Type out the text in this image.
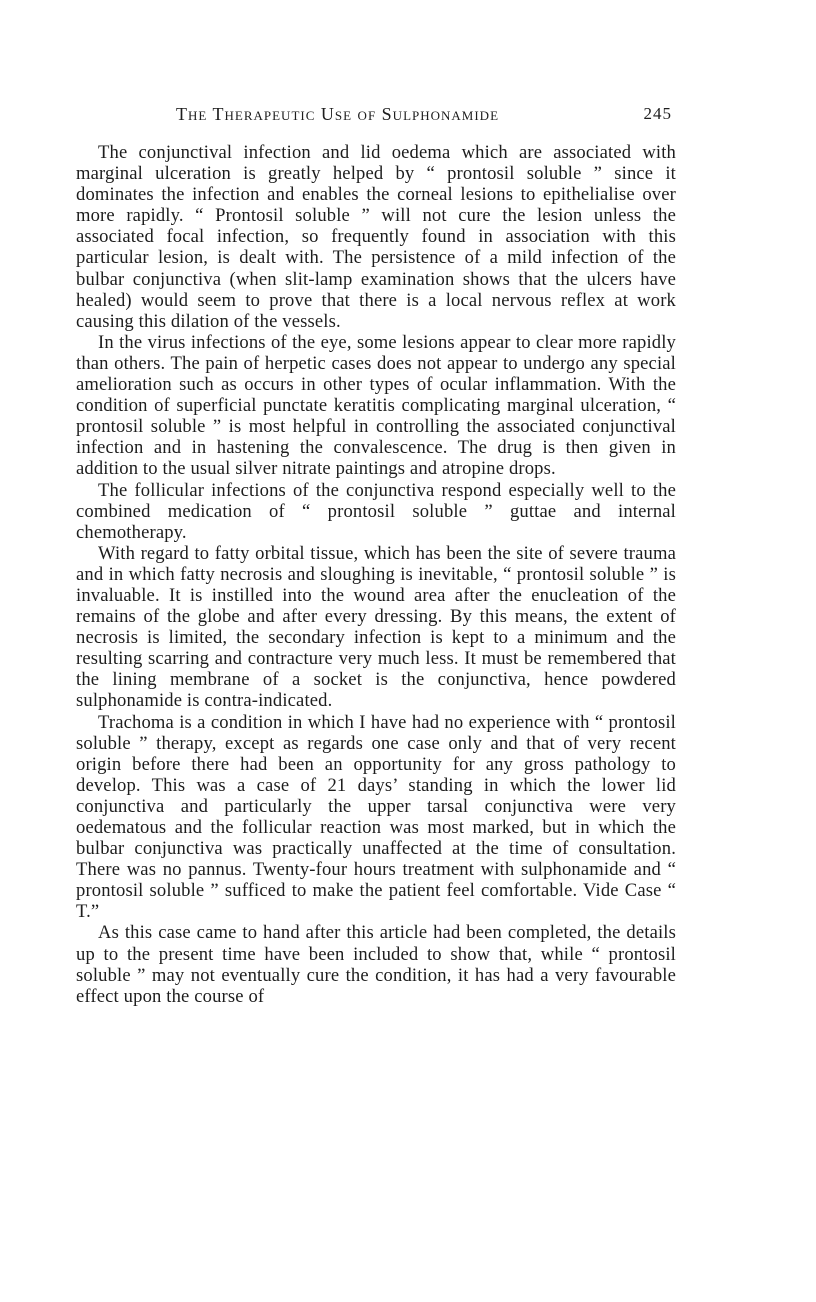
The Therapeutic Use of Sulphonamide	245

The conjunctival infection and lid oedema which are associated with marginal ulceration is greatly helped by “ prontosil soluble ” since it dominates the infection and enables the corneal lesions to epithelialise over more rapidly. “ Prontosil soluble ” will not cure the lesion unless the associated focal infection, so frequently found in association with this particular lesion, is dealt with. The persistence of a mild infection of the bulbar conjunctiva (when slit-lamp examination shows that the ulcers have healed) would seem to prove that there is a local nervous reflex at work causing this dilation of the vessels.

In the virus infections of the eye, some lesions appear to clear more rapidly than others. The pain of herpetic cases does not appear to undergo any special amelioration such as occurs in other types of ocular inflammation. With the condition of superficial punctate keratitis complicating marginal ulceration, “ prontosil soluble ” is most helpful in controlling the associated conjunctival infection and in hastening the convalescence. The drug is then given in addition to the usual silver nitrate paintings and atropine drops.

The follicular infections of the conjunctiva respond especially well to the combined medication of “ prontosil soluble ” guttae and internal chemotherapy.

With regard to fatty orbital tissue, which has been the site of severe trauma and in which fatty necrosis and sloughing is inevitable, “ prontosil soluble ” is invaluable. It is instilled into the wound area after the enucleation of the remains of the globe and after every dressing. By this means, the extent of necrosis is limited, the secondary infection is kept to a minimum and the resulting scarring and contracture very much less. It must be remembered that the lining membrane of a socket is the conjunctiva, hence powdered sulphonamide is contra-indicated.

Trachoma is a condition in which I have had no experience with “ prontosil soluble ” therapy, except as regards one case only and that of very recent origin before there had been an opportunity for any gross pathology to develop. This was a case of 21 days’ standing in which the lower lid conjunctiva and particularly the upper tarsal conjunctiva were very oedematous and the follicular reaction was most marked, but in which the bulbar conjunctiva was practically unaffected at the time of consultation. There was no pannus. Twenty-four hours treatment with sulphonamide and “ prontosil soluble ” sufficed to make the patient feel comfortable. Vide Case “ T.”

As this case came to hand after this article had been completed, the details up to the present time have been included to show that, while “ prontosil soluble ” may not eventually cure the condition, it has had a very favourable effect upon the course of
